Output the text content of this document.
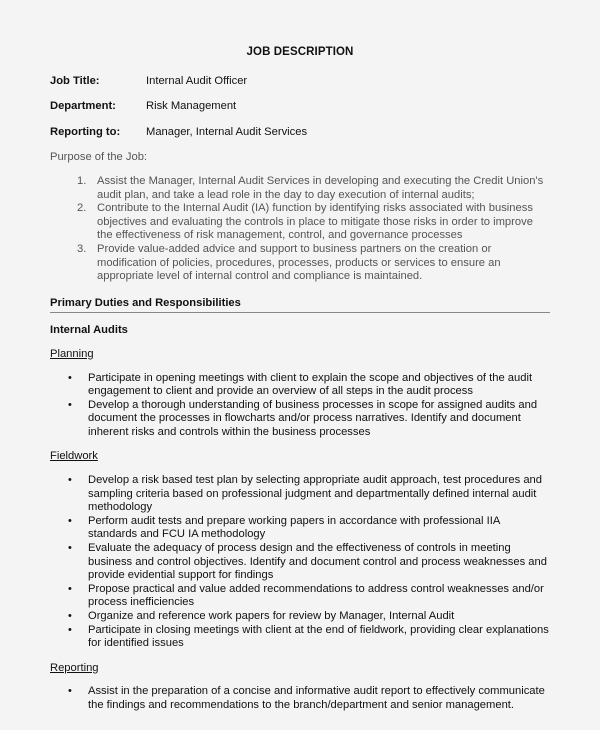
JOB DESCRIPTION
Job Title:	Internal Audit Officer
Department:	Risk Management
Reporting to:	Manager, Internal Audit Services
Purpose of the Job:
1. Assist the Manager, Internal Audit Services in developing and executing the Credit Union's audit plan, and take a lead role in the day to day execution of internal audits;
2. Contribute to the Internal Audit (IA) function by identifying risks associated with business objectives and evaluating the controls in place to mitigate those risks in order to improve the effectiveness of risk management, control, and governance processes
3. Provide value-added advice and support to business partners on the creation or modification of policies, procedures, processes, products or services to ensure an appropriate level of internal control and compliance is maintained.
Primary Duties and Responsibilities
Internal Audits
Planning
• Participate in opening meetings with client to explain the scope and objectives of the audit engagement to client and provide an overview of all steps in the audit process
• Develop a thorough understanding of business processes in scope for assigned audits and document the processes in flowcharts and/or process narratives. Identify and document inherent risks and controls within the business processes
Fieldwork
• Develop a risk based test plan by selecting appropriate audit approach, test procedures and sampling criteria based on professional judgment and departmentally defined internal audit methodology
• Perform audit tests and prepare working papers in accordance with professional IIA standards and FCU IA methodology
• Evaluate the adequacy of process design and the effectiveness of controls in meeting business and control objectives. Identify and document control and process weaknesses and provide evidential support for findings
• Propose practical and value added recommendations to address control weaknesses and/or process inefficiencies
• Organize and reference work papers for review by Manager, Internal Audit
• Participate in closing meetings with client at the end of fieldwork, providing clear explanations for identified issues
Reporting
• Assist in the preparation of a concise and informative audit report to effectively communicate the findings and recommendations to the branch/department and senior management.
